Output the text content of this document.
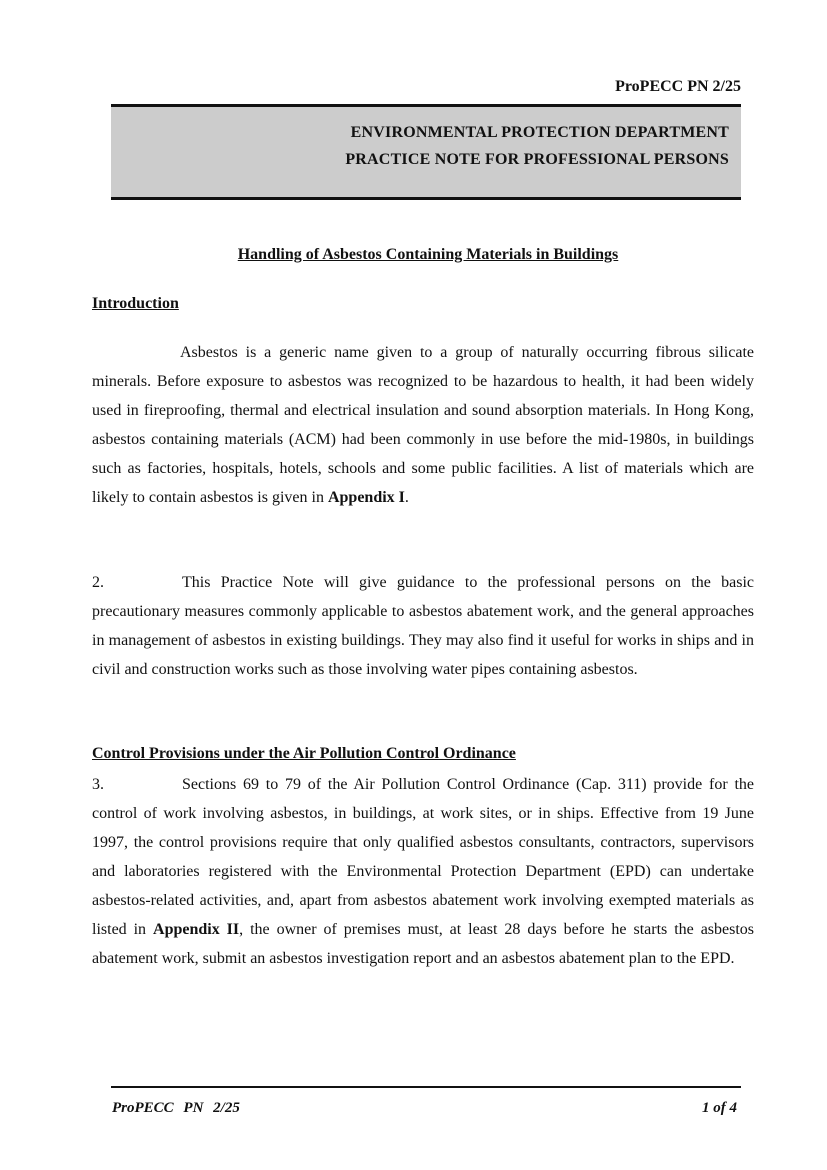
ProPECC PN 2/25
ENVIRONMENTAL PROTECTION DEPARTMENT
PRACTICE NOTE FOR PROFESSIONAL PERSONS
Handling of Asbestos Containing Materials in Buildings
Introduction
Asbestos is a generic name given to a group of naturally occurring fibrous silicate minerals. Before exposure to asbestos was recognized to be hazardous to health, it had been widely used in fireproofing, thermal and electrical insulation and sound absorption materials. In Hong Kong, asbestos containing materials (ACM) had been commonly in use before the mid-1980s, in buildings such as factories, hospitals, hotels, schools and some public facilities. A list of materials which are likely to contain asbestos is given in Appendix I.
2.	This Practice Note will give guidance to the professional persons on the basic precautionary measures commonly applicable to asbestos abatement work, and the general approaches in management of asbestos in existing buildings. They may also find it useful for works in ships and in civil and construction works such as those involving water pipes containing asbestos.
Control Provisions under the Air Pollution Control Ordinance
3.	Sections 69 to 79 of the Air Pollution Control Ordinance (Cap. 311) provide for the control of work involving asbestos, in buildings, at work sites, or in ships. Effective from 19 June 1997, the control provisions require that only qualified asbestos consultants, contractors, supervisors and laboratories registered with the Environmental Protection Department (EPD) can undertake asbestos-related activities, and, apart from asbestos abatement work involving exempted materials as listed in Appendix II, the owner of premises must, at least 28 days before he starts the asbestos abatement work, submit an asbestos investigation report and an asbestos abatement plan to the EPD.
ProPECC PN 2/25	1 of 4
